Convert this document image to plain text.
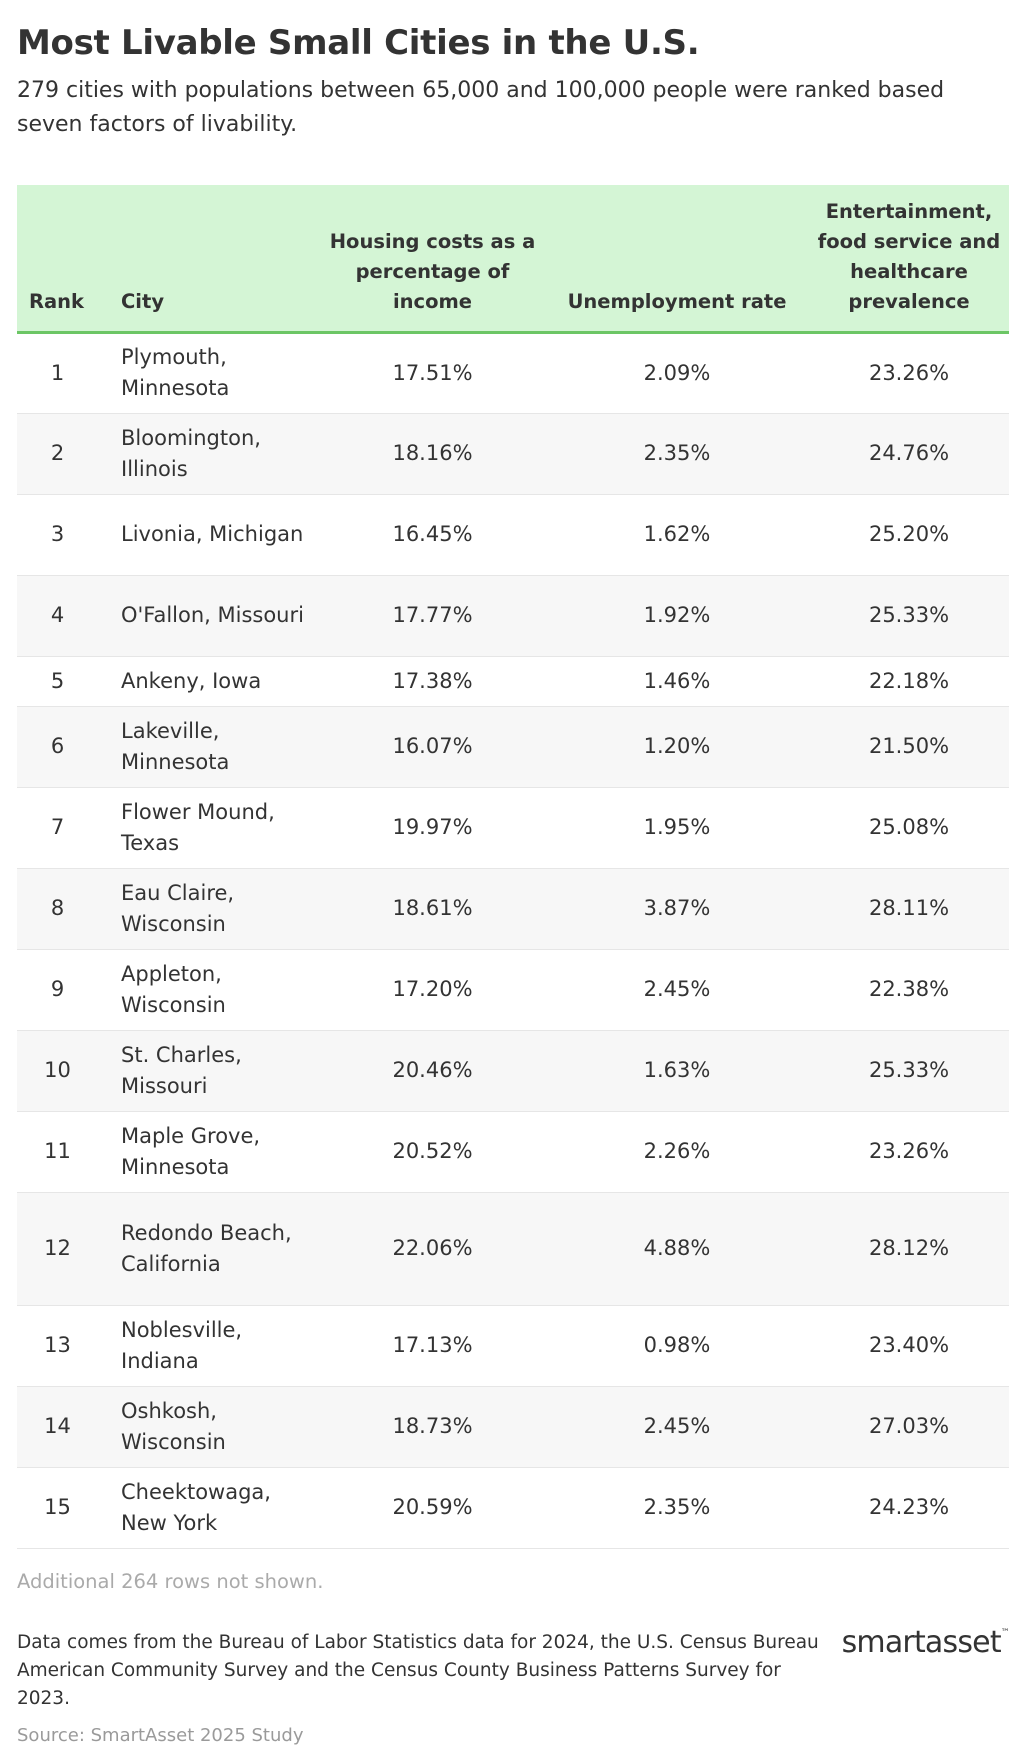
Most Livable Small Cities in the U.S.

279 cities with populations between 65,000 and 100,000 people were ranked based seven factors of livability.

Rank	City	Housing costs as a percentage of income	Unemployment rate	Entertainment, food service and healthcare prevalence
1	Plymouth, Minnesota	17.51%	2.09%	23.26%
2	Bloomington, Illinois	18.16%	2.35%	24.76%
3	Livonia, Michigan	16.45%	1.62%	25.20%
4	O'Fallon, Missouri	17.77%	1.92%	25.33%
5	Ankeny, Iowa	17.38%	1.46%	22.18%
6	Lakeville, Minnesota	16.07%	1.20%	21.50%
7	Flower Mound, Texas	19.97%	1.95%	25.08%
8	Eau Claire, Wisconsin	18.61%	3.87%	28.11%
9	Appleton, Wisconsin	17.20%	2.45%	22.38%
10	St. Charles, Missouri	20.46%	1.63%	25.33%
11	Maple Grove, Minnesota	20.52%	2.26%	23.26%
12	Redondo Beach, California	22.06%	4.88%	28.12%
13	Noblesville, Indiana	17.13%	0.98%	23.40%
14	Oshkosh, Wisconsin	18.73%	2.45%	27.03%
15	Cheektowaga, New York	20.59%	2.35%	24.23%

Additional 264 rows not shown.

Data comes from the Bureau of Labor Statistics data for 2024, the U.S. Census Bureau American Community Survey and the Census County Business Patterns Survey for 2023.

smartasset™

Source: SmartAsset 2025 Study
